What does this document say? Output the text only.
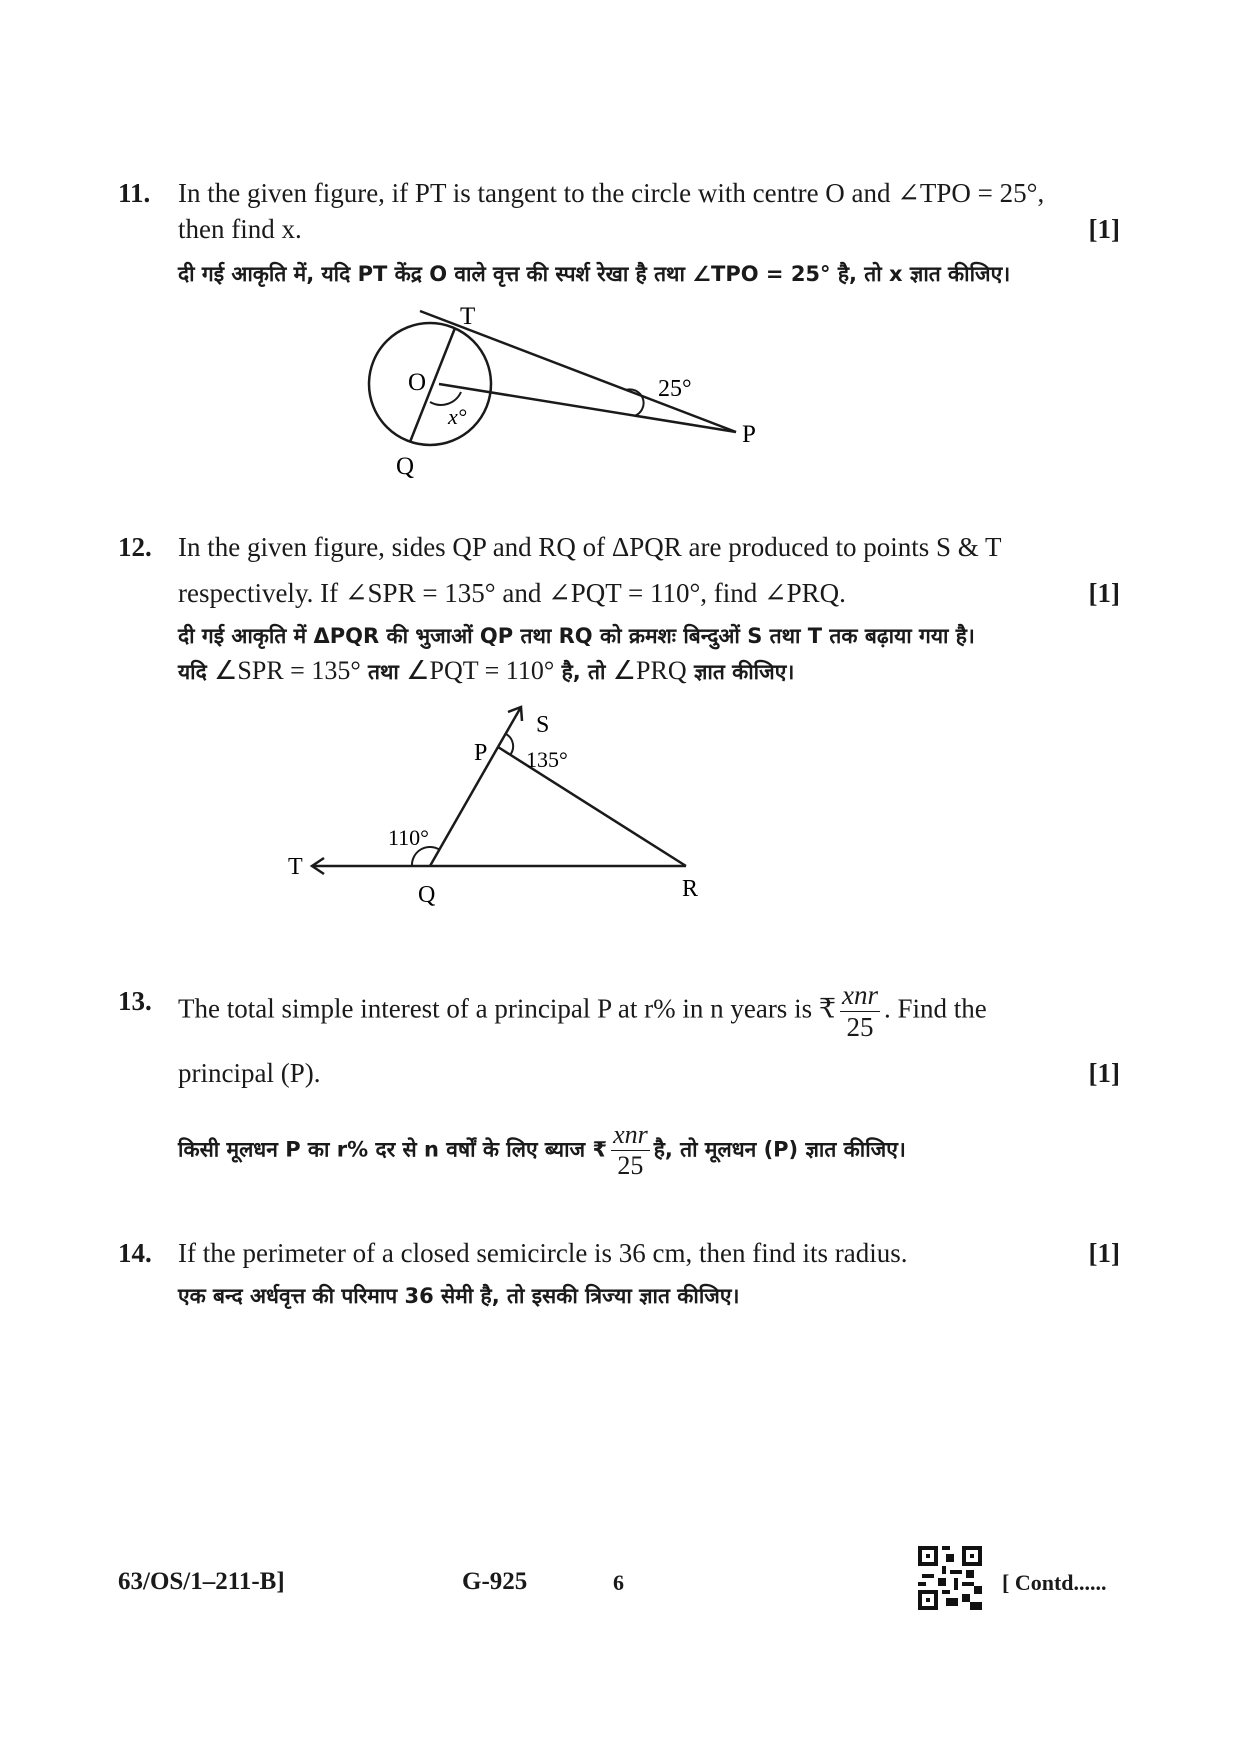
11. In the given figure, if PT is tangent to the circle with centre O and ∠TPO = 25°,
then find x.	[1]
दी गई आकृति में, यदि PT केंद्र O वाले वृत्त की स्पर्श रेखा है तथा ∠TPO = 25° है, तो x ज्ञात कीजिए।
T
O
Q
P
25°
x°
12. In the given figure, sides QP and RQ of ΔPQR are produced to points S & T
respectively. If ∠SPR = 135° and ∠PQT = 110°, find ∠PRQ.	[1]
दी गई आकृति में ΔPQR की भुजाओं QP तथा RQ को क्रमशः बिन्दुओं S तथा T तक बढ़ाया गया है।
यदि ∠SPR = 135° तथा ∠PQT = 110° है, तो ∠PRQ ज्ञात कीजिए।
S
P
T
Q	R
135°
110°
13. The total simple interest of a principal P at r% in n years is ₹ $\frac{\text{xnr}}{25}$ . Find the
principal (P).	[1]
किसी मूलधन P का r% दर से n वर्षों के लिए ब्याज ₹ $\frac{\text{xnr}}{25}$ है, तो मूलधन (P) ज्ञात कीजिए।
14. If the perimeter of a closed semicircle is 36 cm, then find its radius.	[1]
एक बन्द अर्धवृत्त की परिमाप 36 सेमी है, तो इसकी त्रिज्या ज्ञात कीजिए।
63/OS/1–211-B]	G-925	6	[ Contd......
